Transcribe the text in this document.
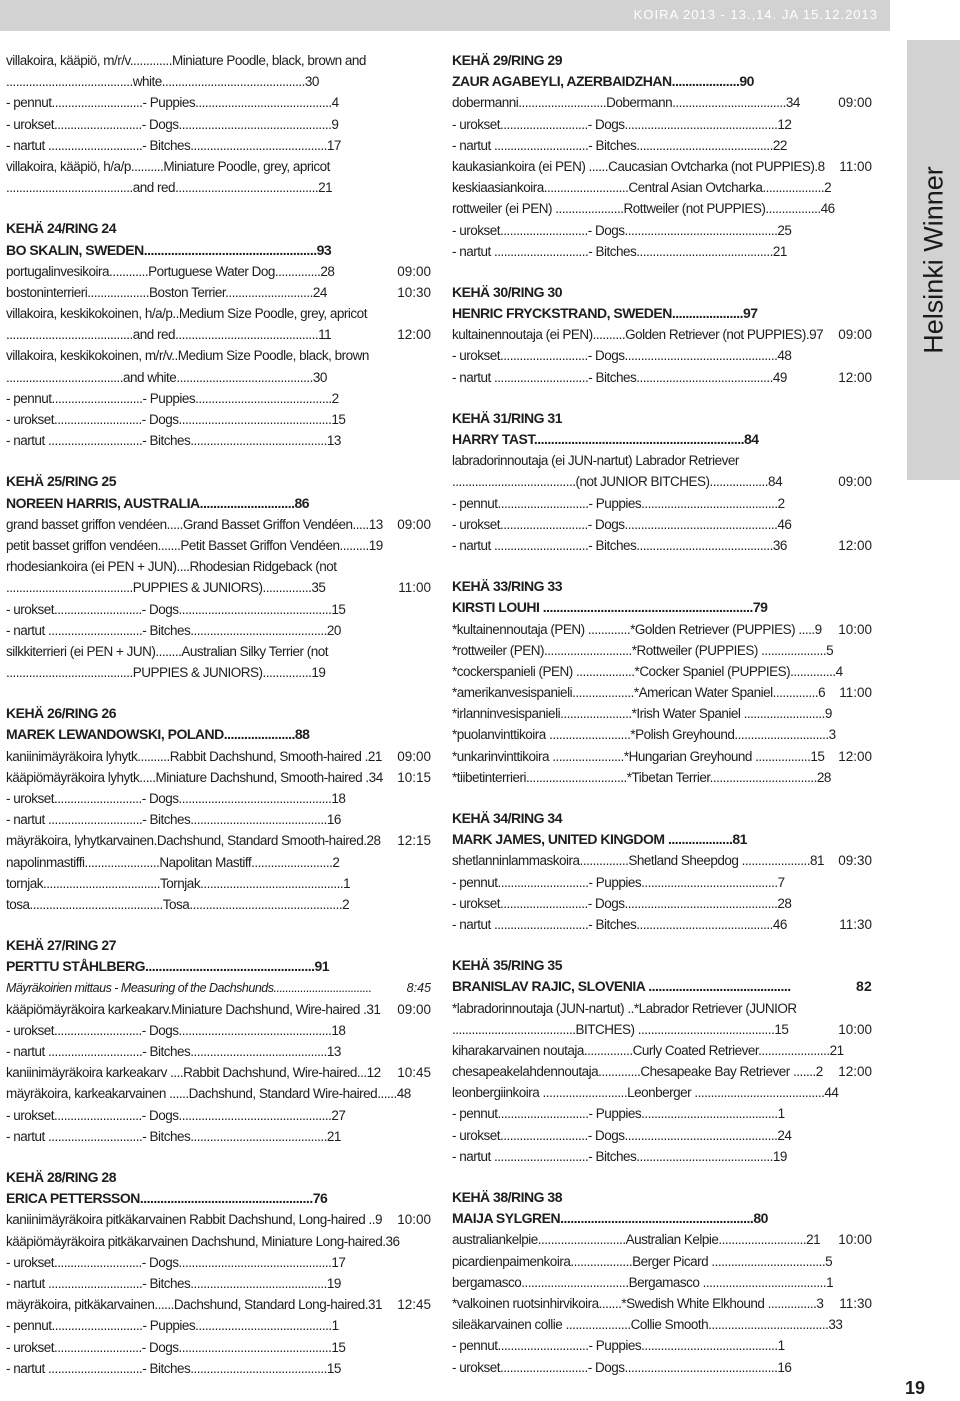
KOIRA 2013 - 13.,14. JA 15.12.2013
Helsinki Winner
villakoira, kääpiö, m/r/v.............Miniature Poodle, black, brown and
.......................................white............................................30
- pennut............................- Puppies..........................................4
- urokset...........................- Dogs...............................................9
- nartut .............................- Bitches..........................................17
villakoira, kääpiö, h/a/p..........Miniature Poodle, grey, apricot
.......................................and red............................................21
KEHÄ 24/RING 24
BO SKALIN, SWEDEN...................................................93
portugalinvesikoira............Portuguese Water Dog..............28	09:00
bostoninterrieri...................Boston Terrier...........................24	10:30
villakoira, keskikokoinen, h/a/p..Medium Size Poodle, grey, apricot
.......................................and red............................................11	12:00
villakoira, keskikokoinen, m/r/v..Medium Size Poodle, black, brown
....................................and white..........................................30
- pennut............................- Puppies..........................................2
- urokset...........................- Dogs...............................................15
- nartut .............................- Bitches..........................................13
KEHÄ 25/RING 25
NOREEN HARRIS, AUSTRALIA............................86
grand basset griffon vendéen.....Grand Basset Griffon Vendéen.....13 09:00
petit basset griffon vendéen.......Petit Basset Griffon Vendéen.........19
rhodesiankoira (ei PEN + JUN)....Rhodesian Ridgeback (not
.......................................PUPPIES & JUNIORS)...............35	11:00
- urokset...........................- Dogs...............................................15
- nartut .............................- Bitches..........................................20
silkkiterrieri (ei PEN + JUN)........Australian Silky Terrier (not
.......................................PUPPIES & JUNIORS)...............19
KEHÄ 26/RING 26
MAREK LEWANDOWSKI, POLAND.....................88
kaniinimäyräkoira lyhytk..........Rabbit Dachshund, Smooth-haired .21 09:00
kääpiömäyräkoira lyhytk.....Miniature Dachshund, Smooth-haired .34 10:15
- urokset...........................- Dogs...............................................18
- nartut .............................- Bitches..........................................16
mäyräkoira, lyhytkarvainen.Dachshund, Standard Smooth-haired.28 12:15
napolinmastiffi.......................Napolitan Mastiff.........................2
tornjak....................................Tornjak............................................1
tosa.........................................Tosa...............................................2
KEHÄ 27/RING 27
PERTTU STÅHLBERG..................................................91
Mäyräkoirien mittaus - Measuring of the Dachshunds.................................	8:45
kääpiömäyräkoira karkeakarv.Miniature Dachshund, Wire-haired .31 09:00
- urokset...........................- Dogs...............................................18
- nartut .............................- Bitches..........................................13
kaniinimäyräkoira karkeakarv ....Rabbit Dachshund, Wire-haired...12 10:45
mäyräkoira, karkeakarvainen ......Dachshund, Standard Wire-haired......48
- urokset...........................- Dogs...............................................27
- nartut .............................- Bitches..........................................21
KEHÄ 28/RING 28
ERICA PETTERSSON...................................................76
kaniinimäyräkoira pitkäkarvainen Rabbit Dachshund, Long-haired ..9 10:00
kääpiömäyräkoira pitkäkarvainen Dachshund, Miniature Long-haired.36
- urokset...........................- Dogs...............................................17
- nartut .............................- Bitches..........................................19
mäyräkoira, pitkäkarvainen......Dachshund, Standard Long-haired.31 12:45
- pennut............................- Puppies..........................................1
- urokset...........................- Dogs...............................................15
- nartut .............................- Bitches..........................................15
KEHÄ 29/RING 29
ZAUR AGABEYLI, AZERBAIDZHAN....................90
dobermanni...........................Dobermann...................................34	09:00
- urokset...........................- Dogs...............................................12
- nartut .............................- Bitches..........................................22
kaukasiankoira (ei PEN) ......Caucasian Ovtcharka (not PUPPIES).8 11:00
keskiaasiankoira..........................Central Asian Ovtcharka...................2
rottweiler (ei PEN) .....................Rottweiler (not PUPPIES).................46
- urokset...........................- Dogs...............................................25
- nartut .............................- Bitches..........................................21
KEHÄ 30/RING 30
HENRIC FRYCKSTRAND, SWEDEN.....................97
kultainennoutaja (ei PEN)..........Golden Retriever (not PUPPIES).97 09:00
- urokset...........................- Dogs...............................................48
- nartut .............................- Bitches..........................................49	12:00
KEHÄ 31/RING 31
HARRY TAST..............................................................84
labradorinnoutaja (ei JUN-nartut) Labrador Retriever
......................................(not JUNIOR BITCHES)..................84	09:00
- pennut............................- Puppies..........................................2
- urokset...........................- Dogs...............................................46
- nartut .............................- Bitches..........................................36	12:00
KEHÄ 33/RING 33
KIRSTI LOUHI ..............................................................79
*kultainennoutaja (PEN) .............*Golden Retriever (PUPPIES) .....9 10:00
*rottweiler (PEN)...........................*Rottweiler (PUPPIES) ....................5
*cockerspanieli (PEN) ..................*Cocker Spaniel (PUPPIES)..............4
*amerikanvesispanieli...................*American Water Spaniel..............6 11:00
*irlanninvesispanieli......................*Irish Water Spaniel .........................9
*puolanvinttikoira .........................*Polish Greyhound.............................3
*unkarinvinttikoira ......................*Hungarian Greyhound .................15 12:00
*tiibetinterrieri...............................*Tibetan Terrier.................................28
KEHÄ 34/RING 34
MARK JAMES, UNITED KINGDOM ...................81
shetlanninlammaskoira...............Shetland Sheepdog .....................81 09:30
- pennut............................- Puppies..........................................7
- urokset...........................- Dogs...............................................28
- nartut .............................- Bitches..........................................46	11:30
KEHÄ 35/RING 35
BRANISLAV RAJIC, SLOVENIA ..........................................	82
*labradorinnoutaja (JUN-nartut) ..*Labrador Retriever (JUNIOR
......................................BITCHES) ..........................................15	10:00
kiharakarvainen noutaja...............Curly Coated Retriever......................21
chesapeakelahdennoutaja.............Chesapeake Bay Retriever .......2 12:00
leonbergiinkoira ..........................Leonberger ........................................44
- pennut............................- Puppies..........................................1
- urokset...........................- Dogs...............................................24
- nartut .............................- Bitches..........................................19
KEHÄ 38/RING 38
MAIJA SYLGREN.........................................................80
australiankelpie...........................Australian Kelpie...........................21 10:00
picardienpaimenkoira...................Berger Picard ...................................5
bergamasco.................................Bergamasco ......................................1
*valkoinen ruotsinhirvikoira.......*Swedish White Elkhound ...............3 11:30
sileäkarvainen collie ....................Collie Smooth.....................................33
- pennut............................- Puppies..........................................1
- urokset...........................- Dogs...............................................16
19
